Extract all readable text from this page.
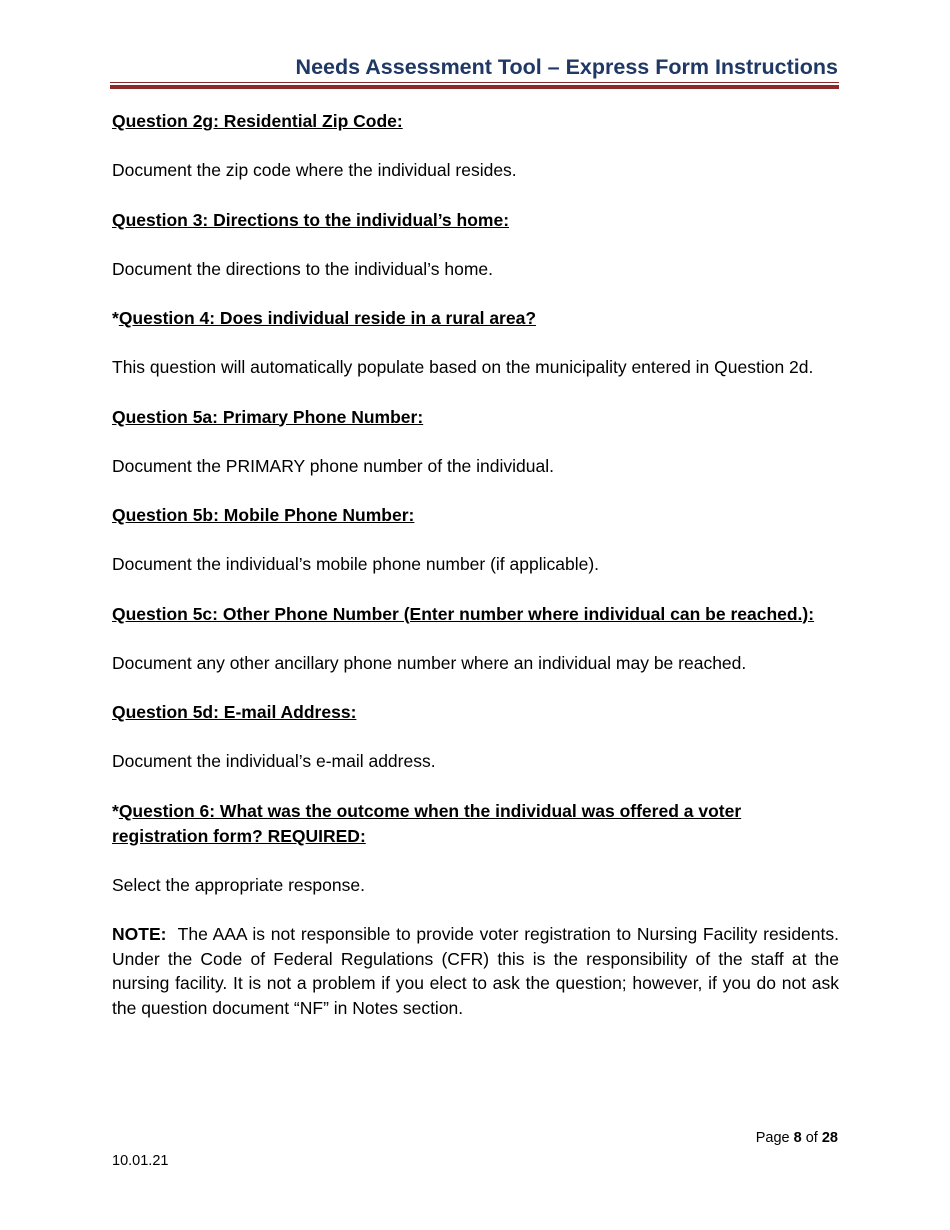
Needs Assessment Tool – Express Form Instructions

Question 2g: Residential Zip Code:

Document the zip code where the individual resides.

Question 3: Directions to the individual’s home:

Document the directions to the individual’s home.

*Question 4: Does individual reside in a rural area?

This question will automatically populate based on the municipality entered in Question 2d.

Question 5a: Primary Phone Number:

Document the PRIMARY phone number of the individual.

Question 5b: Mobile Phone Number:

Document the individual’s mobile phone number (if applicable).

Question 5c: Other Phone Number (Enter number where individual can be reached.):

Document any other ancillary phone number where an individual may be reached.

Question 5d: E-mail Address:

Document the individual’s e-mail address.

*Question 6: What was the outcome when the individual was offered a voter registration form? REQUIRED:

Select the appropriate response.

NOTE: The AAA is not responsible to provide voter registration to Nursing Facility residents. Under the Code of Federal Regulations (CFR) this is the responsibility of the staff at the nursing facility. It is not a problem if you elect to ask the question; however, if you do not ask the question document “NF” in Notes section.

Page 8 of 28
10.01.21
